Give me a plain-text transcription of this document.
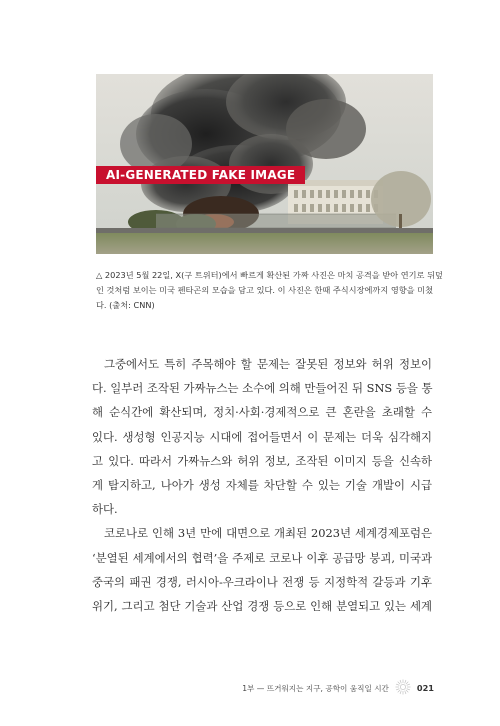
AI-GENERATED FAKE IMAGE
△ 2023년 5월 22일, X(구 트위터)에서 빠르게 확산된 가짜 사진은 마치 공격을 받아 연기로 뒤덮
인 것처럼 보이는 미국 펜타곤의 모습을 담고 있다. 이 사진은 한때 주식시장에까지 영향을 미쳤
다. (출처: CNN)
그중에서도 특히 주목해야 할 문제는 잘못된 정보와 허위 정보이
다. 일부러 조작된 가짜뉴스는 소수에 의해 만들어진 뒤 SNS 등을 통
해 순식간에 확산되며, 정치·사회·경제적으로 큰 혼란을 초래할 수
있다. 생성형 인공지능 시대에 접어들면서 이 문제는 더욱 심각해지
고 있다. 따라서 가짜뉴스와 허위 정보, 조작된 이미지 등을 신속하
게 탐지하고, 나아가 생성 자체를 차단할 수 있는 기술 개발이 시급
하다.
코로나로 인해 3년 만에 대면으로 개최된 2023년 세계경제포럼은
‘분열된 세계에서의 협력’을 주제로 코로나 이후 공급망 붕괴, 미국과
중국의 패권 경쟁, 러시아-우크라이나 전쟁 등 지정학적 갈등과 기후
위기, 그리고 첨단 기술과 산업 경쟁 등으로 인해 분열되고 있는 세계
1부 — 뜨거워지는 지구, 공학이 움직일 시간	021
